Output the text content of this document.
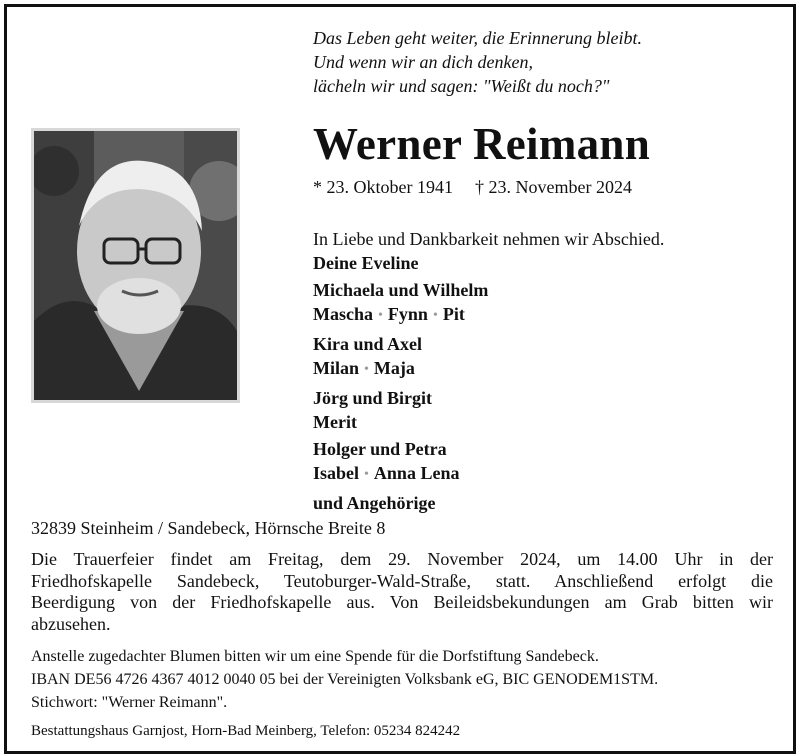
Das Leben geht weiter, die Erinnerung bleibt.
Und wenn wir an dich denken,
lächeln wir und sagen: "Weißt du noch?"
Werner Reimann
* 23. Oktober 1941 † 23. November 2024
In Liebe und Dankbarkeit nehmen wir Abschied.
Deine Eveline
Michaela und Wilhelm
Mascha • Fynn • Pit
Kira und Axel
Milan • Maja
Jörg und Birgit
Merit
Holger und Petra
Isabel • Anna Lena
und Angehörige
32839 Steinheim / Sandebeck, Hörnsche Breite 8
Die Trauerfeier findet am Freitag, dem 29. November 2024, um 14.00 Uhr in der
Friedhofskapelle Sandebeck, Teutoburger-Wald-Straße, statt. Anschließend erfolgt die
Beerdigung von der Friedhofskapelle aus. Von Beileidsbekundungen am Grab bitten wir
abzusehen.
Anstelle zugedachter Blumen bitten wir um eine Spende für die Dorfstiftung Sandebeck.
IBAN DE56 4726 4367 4012 0040 05 bei der Vereinigten Volksbank eG, BIC GENODEM1STM.
Stichwort: "Werner Reimann".
Bestattungshaus Garnjost, Horn-Bad Meinberg, Telefon: 05234 824242
